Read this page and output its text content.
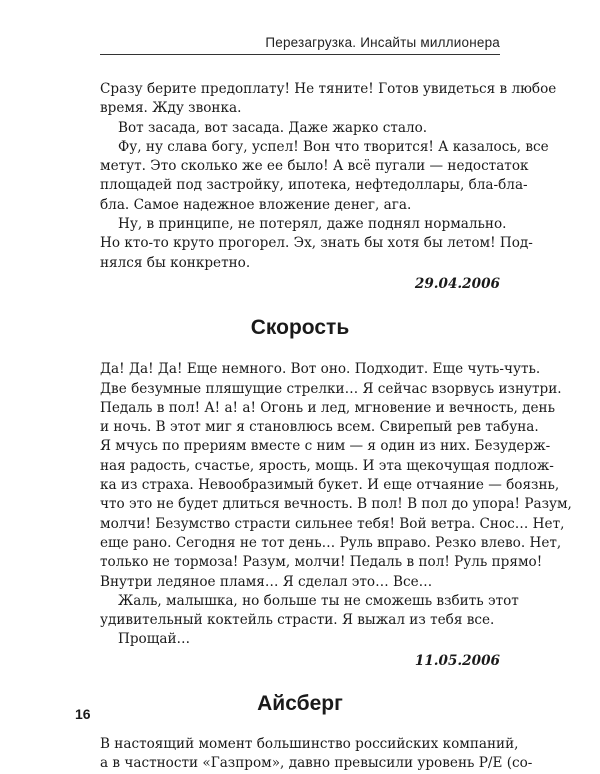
Перезагрузка. Инсайты миллионера
Сразу берите предоплату! Не тяните! Готов увидеться в любое
время. Жду звонка.
Вот засада, вот засада. Даже жарко стало.
Фу, ну слава богу, успел! Вон что творится! А казалось, все
метут. Это сколько же ее было! А всё пугали — недостаток
площадей под застройку, ипотека, нефтедоллары, бла-бла-
бла. Самое надежное вложение денег, ага.
Ну, в принципе, не потерял, даже поднял нормально.
Но кто-то круто прогорел. Эх, знать бы хотя бы летом! Под-
нялся бы конкретно.
29.04.2006
Скорость
Да! Да! Да! Еще немного. Вот оно. Подходит. Еще чуть-чуть.
Две безумные пляшущие стрелки… Я сейчас взорвусь изнутри.
Педаль в пол! А! а! а! Огонь и лед, мгновение и вечность, день
и ночь. В этот миг я становлюсь всем. Свирепый рев табуна.
Я мчусь по прериям вместе с ним — я один из них. Безудерж-
ная радость, счастье, ярость, мощь. И эта щекочущая подлож-
ка из страха. Невообразимый букет. И еще отчаяние — боязнь,
что это не будет длиться вечность. В пол! В пол до упора! Разум,
молчи! Безумство страсти сильнее тебя! Вой ветра. Снос… Нет,
еще рано. Сегодня не тот день… Руль вправо. Резко влево. Нет,
только не тормоза! Разум, молчи! Педаль в пол! Руль прямо!
Внутри ледяное пламя… Я сделал это… Все…
Жаль, малышка, но больше ты не сможешь взбить этот
удивительный коктейль страсти. Я выжал из тебя все.
Прощай…
11.05.2006
Айсберг
В настоящий момент большинство российских компаний,
а в частности «Газпром», давно превысили уровень P/E (со-
16
